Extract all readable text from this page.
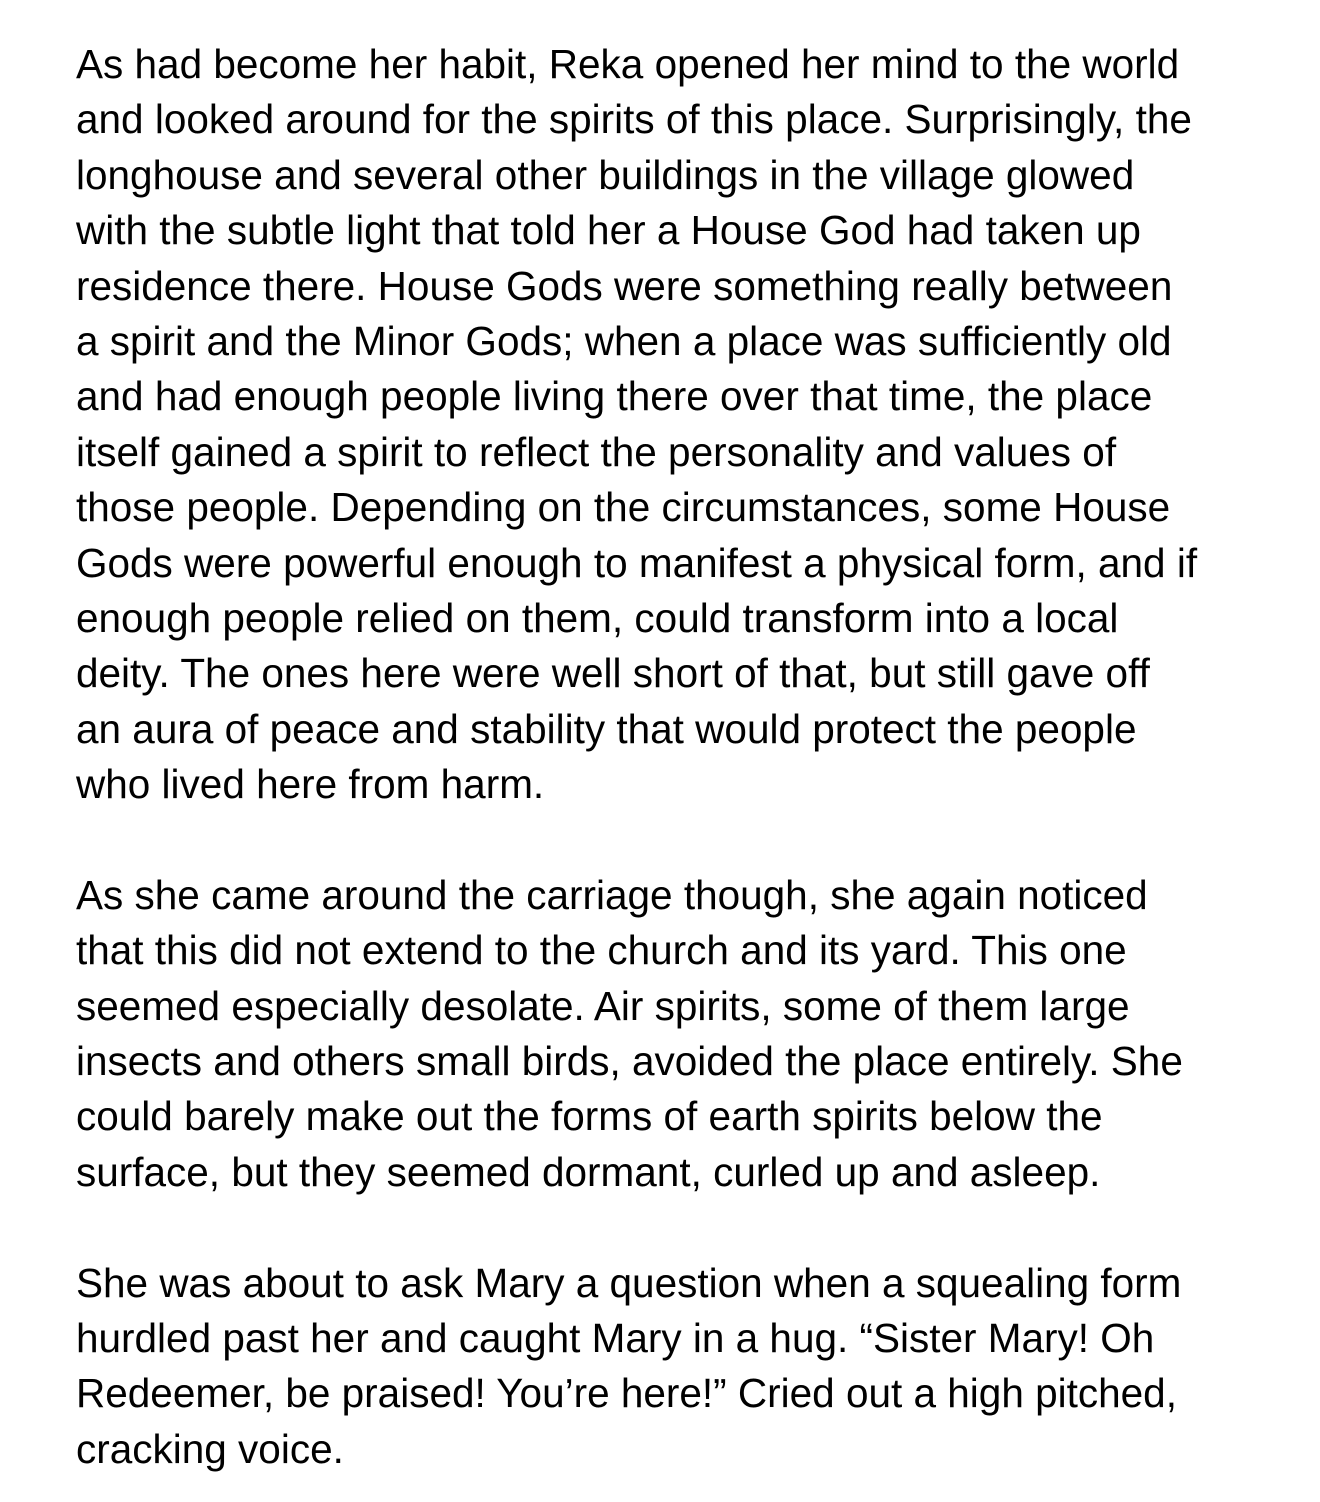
As had become her habit, Reka opened her mind to the world
and looked around for the spirits of this place. Surprisingly, the
longhouse and several other buildings in the village glowed
with the subtle light that told her a House God had taken up
residence there. House Gods were something really between
a spirit and the Minor Gods; when a place was sufficiently old
and had enough people living there over that time, the place
itself gained a spirit to reflect the personality and values of
those people. Depending on the circumstances, some House
Gods were powerful enough to manifest a physical form, and if
enough people relied on them, could transform into a local
deity. The ones here were well short of that, but still gave off
an aura of peace and stability that would protect the people
who lived here from harm.
As she came around the carriage though, she again noticed
that this did not extend to the church and its yard. This one
seemed especially desolate. Air spirits, some of them large
insects and others small birds, avoided the place entirely. She
could barely make out the forms of earth spirits below the
surface, but they seemed dormant, curled up and asleep.
She was about to ask Mary a question when a squealing form
hurdled past her and caught Mary in a hug. “Sister Mary! Oh
Redeemer, be praised! You’re here!” Cried out a high pitched,
cracking voice.
